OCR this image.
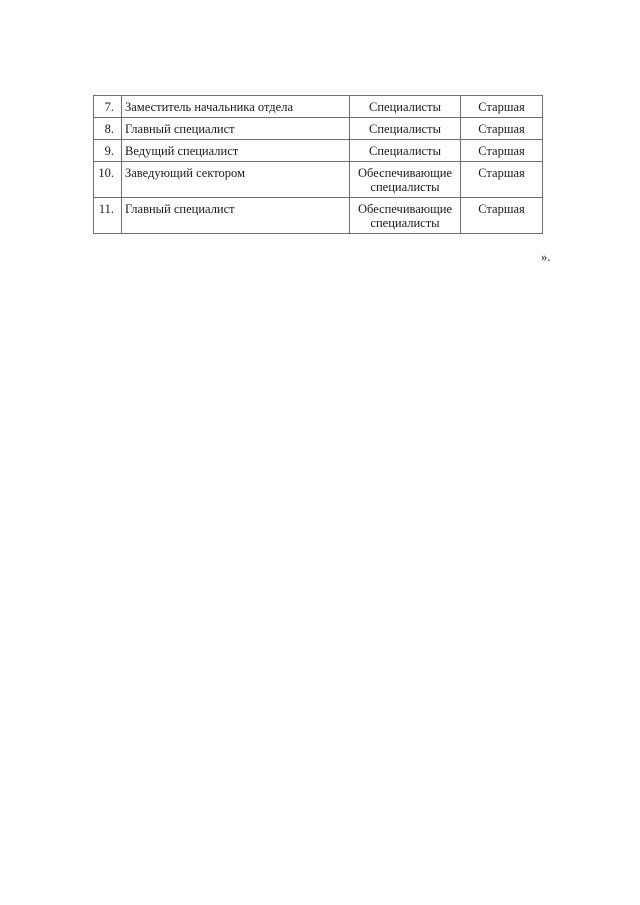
7.	Заместитель начальника отдела	Специалисты	Старшая
8.	Главный специалист	Специалисты	Старшая
9.	Ведущий специалист	Специалисты	Старшая
10.	Заведующий сектором	Обеспечивающие специалисты	Старшая
11.	Главный специалист	Обеспечивающие специалисты	Старшая
».
